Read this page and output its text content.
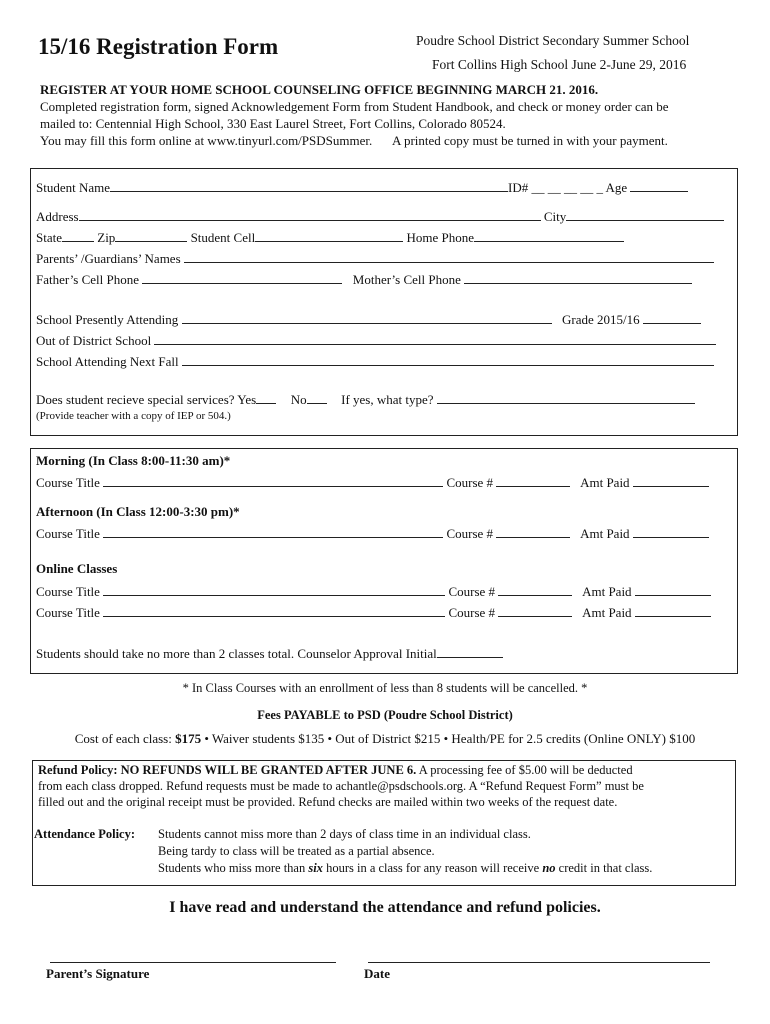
15/16 Registration Form	Poudre School District Secondary Summer School
Fort Collins High School June 2-June 29, 2016
REGISTER AT YOUR HOME SCHOOL COUNSELING OFFICE BEGINNING MARCH 21. 2016.
Completed registration form, signed Acknowledgement Form from Student Handbook, and check or money order can be
mailed to: Centennial High School, 330 East Laurel Street, Fort Collins, Colorado 80524.
You may fill this form online at www.tinyurl.com/PSDSummer. A printed copy must be turned in with your payment.
Student Name	ID# __ __ __ __ _ Age
Address	City
State	Zip	Student Cell	Home Phone
Parents’ /Guardians’ Names
Father’s Cell Phone	Mother’s Cell Phone
School Presently Attending	Grade 2015/16
Out of District School
School Attending Next Fall
Does student recieve special services? Yes	No	If yes, what type?
(Provide teacher with a copy of IEP or 504.)
Morning (In Class 8:00-11:30 am)*
Course Title	Course #	Amt Paid
Afternoon (In Class 12:00-3:30 pm)*
Course Title	Course #	Amt Paid
Online Classes
Course Title	Course #	Amt Paid
Course Title	Course #	Amt Paid
Students should take no more than 2 classes total. Counselor Approval Initial
* In Class Courses with an enrollment of less than 8 students will be cancelled. *
Fees PAYABLE to PSD (Poudre School District)
Cost of each class: $175 • Waiver students $135 • Out of District $215 • Health/PE for 2.5 credits (Online ONLY) $100
Refund Policy: NO REFUNDS WILL BE GRANTED AFTER JUNE 6. A processing fee of $5.00 will be deducted
from each class dropped. Refund requests must be made to achantle@psdschools.org. A “Refund Request Form” must be
filled out and the original receipt must be provided. Refund checks are mailed within two weeks of the request date.
Attendance Policy: Students cannot miss more than 2 days of class time in an individual class.
Being tardy to class will be treated as a partial absence.
Students who miss more than six hours in a class for any reason will receive no credit in that class.
I have read and understand the attendance and refund policies.
Parent’s Signature	Date
